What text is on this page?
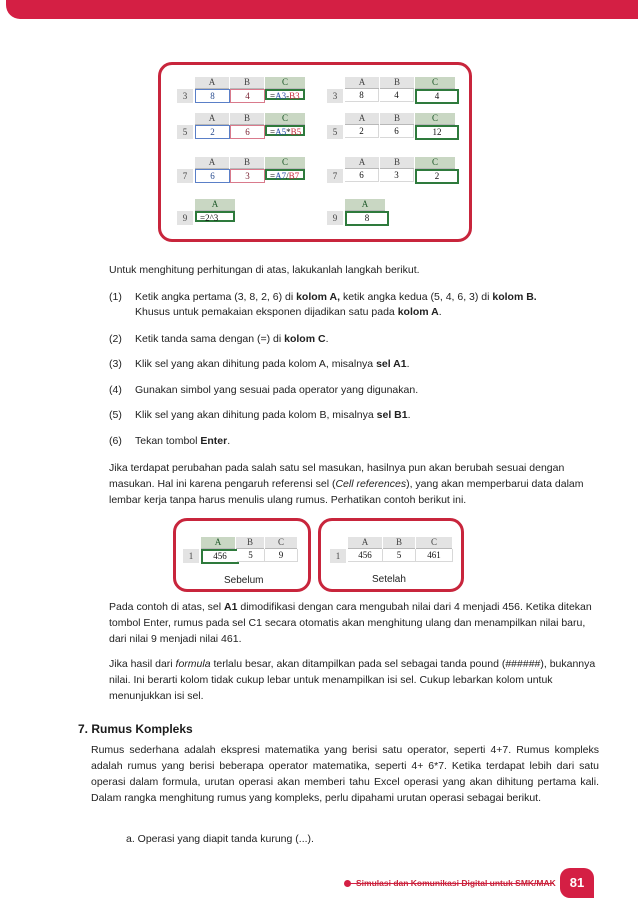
A	B	C
3	8	4	=A3-B3
A	B	C
3	8	4	4
A	B	C
5	2	6	=A5*B5
A	B	C
5	2	6	12
A	B	C
7	6	3	=A7/B7
A	B	C
7	6	3	2
A
9	=2^3
A
9	8
Untuk menghitung perhitungan di atas, lakukanlah langkah berikut.
(1) Ketik angka pertama (3, 8, 2, 6) di kolom A, ketik angka kedua (5, 4, 6, 3) di kolom B.
Khusus untuk pemakaian eksponen dijadikan satu pada kolom A.
(2) Ketik tanda sama dengan (=) di kolom C.
(3) Klik sel yang akan dihitung pada kolom A, misalnya sel A1.
(4) Gunakan simbol yang sesuai pada operator yang digunakan.
(5) Klik sel yang akan dihitung pada kolom B, misalnya sel B1.
(6) Tekan tombol Enter.
Jika terdapat perubahan pada salah satu sel masukan, hasilnya pun akan berubah sesuai dengan masukan. Hal ini karena pengaruh referensi sel (Cell references), yang akan memperbarui data dalam lembar kerja tanpa harus menulis ulang rumus. Perhatikan contoh berikut ini.
A	B	C
1	456	5	9
A	B	C
1	456	5	461
Sebelum	Setelah
Pada contoh di atas, sel A1 dimodifikasi dengan cara mengubah nilai dari 4 menjadi 456. Ketika ditekan tombol Enter, rumus pada sel C1 secara otomatis akan menghitung ulang dan menampilkan nilai baru, dari nilai 9 menjadi nilai 461.
Jika hasil dari formula terlalu besar, akan ditampilkan pada sel sebagai tanda pound (######), bukannya nilai. Ini berarti kolom tidak cukup lebar untuk menampilkan isi sel. Cukup lebarkan kolom untuk menunjukkan isi sel.
7. Rumus Kompleks
Rumus sederhana adalah ekspresi matematika yang berisi satu operator, seperti 4+7. Rumus kompleks adalah rumus yang berisi beberapa operator matematika, seperti 4+ 6*7. Ketika terdapat lebih dari satu operasi dalam formula, urutan operasi akan memberi tahu Excel operasi yang akan dihitung pertama kali. Dalam rangka menghitung rumus yang kompleks, perlu dipahami urutan operasi sebagai berikut.
a. Operasi yang diapit tanda kurung (...).
Simulasi dan Komunikasi Digital untuk SMK/MAK	81
